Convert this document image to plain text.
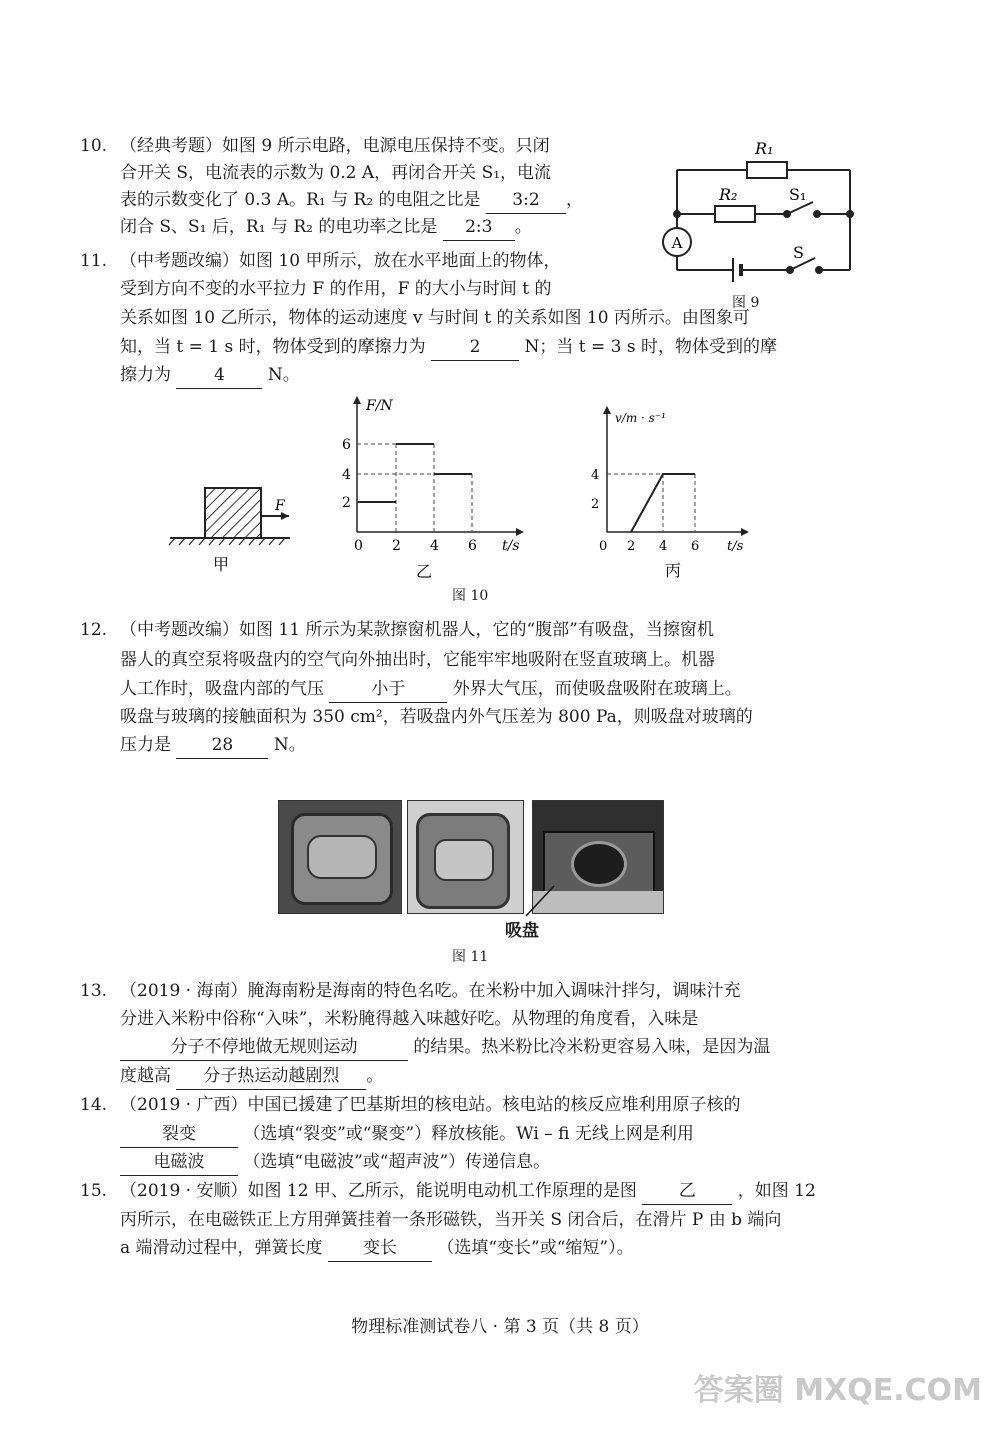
10. （经典考题）如图 9 所示电路，电源电压保持不变。只闭
合开关 S，电流表的示数为 0.2 A，再闭合开关 S₁，电流
表的示数变化了 0.3 A。R₁ 与 R₂ 的电阻之比是 3:2 ，
闭合 S、S₁ 后，R₁ 与 R₂ 的电功率之比是 2:3 。
A
R₁
R₂	S₁
S
图 9
11. （中考题改编）如图 10 甲所示，放在水平地面上的物体，
受到方向不变的水平拉力 F 的作用，F 的大小与时间 t 的
关系如图 10 乙所示，物体的运动速度 v 与时间 t 的关系如图 10 丙所示。由图象可
知，当 t = 1 s 时，物体受到的摩擦力为	2	N；当 t = 3 s 时，物体受到的摩
擦力为	4	N。
F
甲
F/N
2
4
6
0 2 4 6 t/s
乙
v/m · s⁻¹
2
4
0 2 4 6 t/s
丙
图 10
12. （中考题改编）如图 11 所示为某款擦窗机器人，它的“腹部”有吸盘，当擦窗机
器人的真空泵将吸盘内的空气向外抽出时，它能牢牢地吸附在竖直玻璃上。机器
人工作时，吸盘内部的气压	小于	外界大气压，而使吸盘吸附在玻璃上。
吸盘与玻璃的接触面积为 350 cm²，若吸盘内外气压差为 800 Pa，则吸盘对玻璃的
压力是 28 N。
吸盘
图 11
13. （2019 · 海南）腌海南粉是海南的特色名吃。在米粉中加入调味汁拌匀，调味汁充
分进入米粉中俗称“入味”，米粉腌得越入味越好吃。从物理的角度看，入味是
分子不停地做无规则运动	的结果。热米粉比冷米粉更容易入味，是因为温
度越高 分子热运动越剧烈 。
14. （2019 · 广西）中国已援建了巴基斯坦的核电站。核电站的核反应堆利用原子核的
裂变	（选填“裂变”或“聚变”）释放核能。Wi – fi 无线上网是利用
电磁波 （选填“电磁波”或“超声波”）传递信息。
15. （2019 · 安顺）如图 12 甲、乙所示，能说明电动机工作原理的是图 乙 ，如图 12
丙所示，在电磁铁正上方用弹簧挂着一条形磁铁，当开关 S 闭合后，在滑片 P 由 b 端向
a 端滑动过程中，弹簧长度 变长 （选填“变长”或“缩短”）。
物理标准测试卷八 · 第 3 页（共 8 页）
答案圈 MXQE.COM
